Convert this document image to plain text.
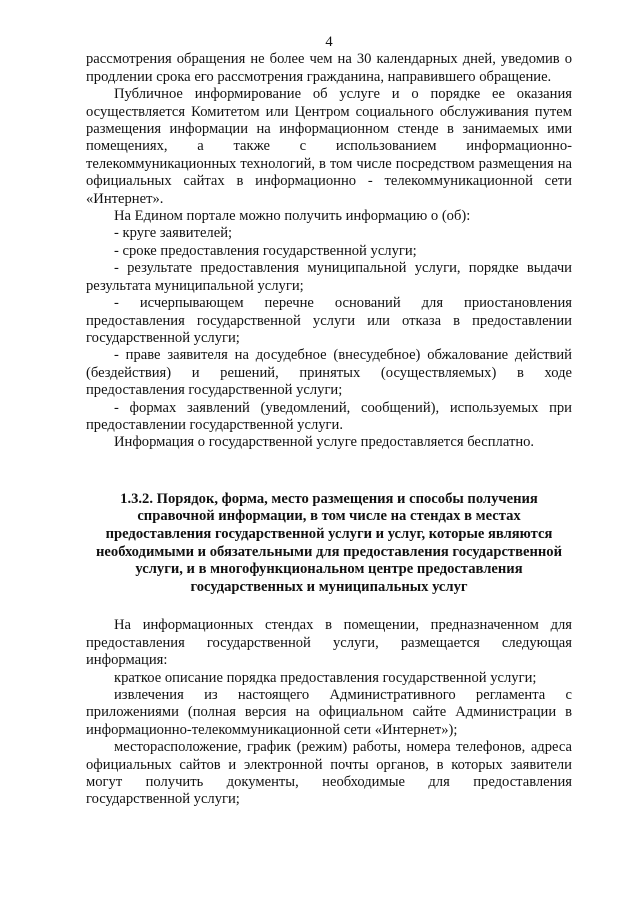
4

рассмотрения обращения не более чем на 30 календарных дней, уведомив о продлении срока его рассмотрения гражданина, направившего обращение.

Публичное информирование об услуге и о порядке ее оказания осуществляется Комитетом или Центром социального обслуживания путем размещения информации на информационном стенде в занимаемых ими помещениях, а также с использованием информационно-телекоммуникационных технологий, в том числе посредством размещения на официальных сайтах в информационно - телекоммуникационной сети «Интернет».

На Едином портале можно получить информацию о (об):

- круге заявителей;

- сроке предоставления государственной услуги;

- результате предоставления муниципальной услуги, порядке выдачи результата муниципальной услуги;

- исчерпывающем перечне оснований для приостановления предоставления государственной услуги или отказа в предоставлении государственной услуги;

- праве заявителя на досудебное (внесудебное) обжалование действий (бездействия) и решений, принятых (осуществляемых) в ходе предоставления государственной услуги;

- формах заявлений (уведомлений, сообщений), используемых при предоставлении государственной услуги.

Информация о государственной услуге предоставляется бесплатно.

1.3.2. Порядок, форма, место размещения и способы получения справочной информации, в том числе на стендах в местах предоставления государственной услуги и услуг, которые являются необходимыми и обязательными для предоставления государственной услуги, и в многофункциональном центре предоставления государственных и муниципальных услуг

На информационных стендах в помещении, предназначенном для предоставления государственной услуги, размещается следующая информация:

краткое описание порядка предоставления государственной услуги;

извлечения из настоящего Административного регламента с приложениями (полная версия на официальном сайте Администрации в информационно-телекоммуникационной сети «Интернет»);

месторасположение, график (режим) работы, номера телефонов, адреса официальных сайтов и электронной почты органов, в которых заявители могут получить документы, необходимые для предоставления государственной услуги;
